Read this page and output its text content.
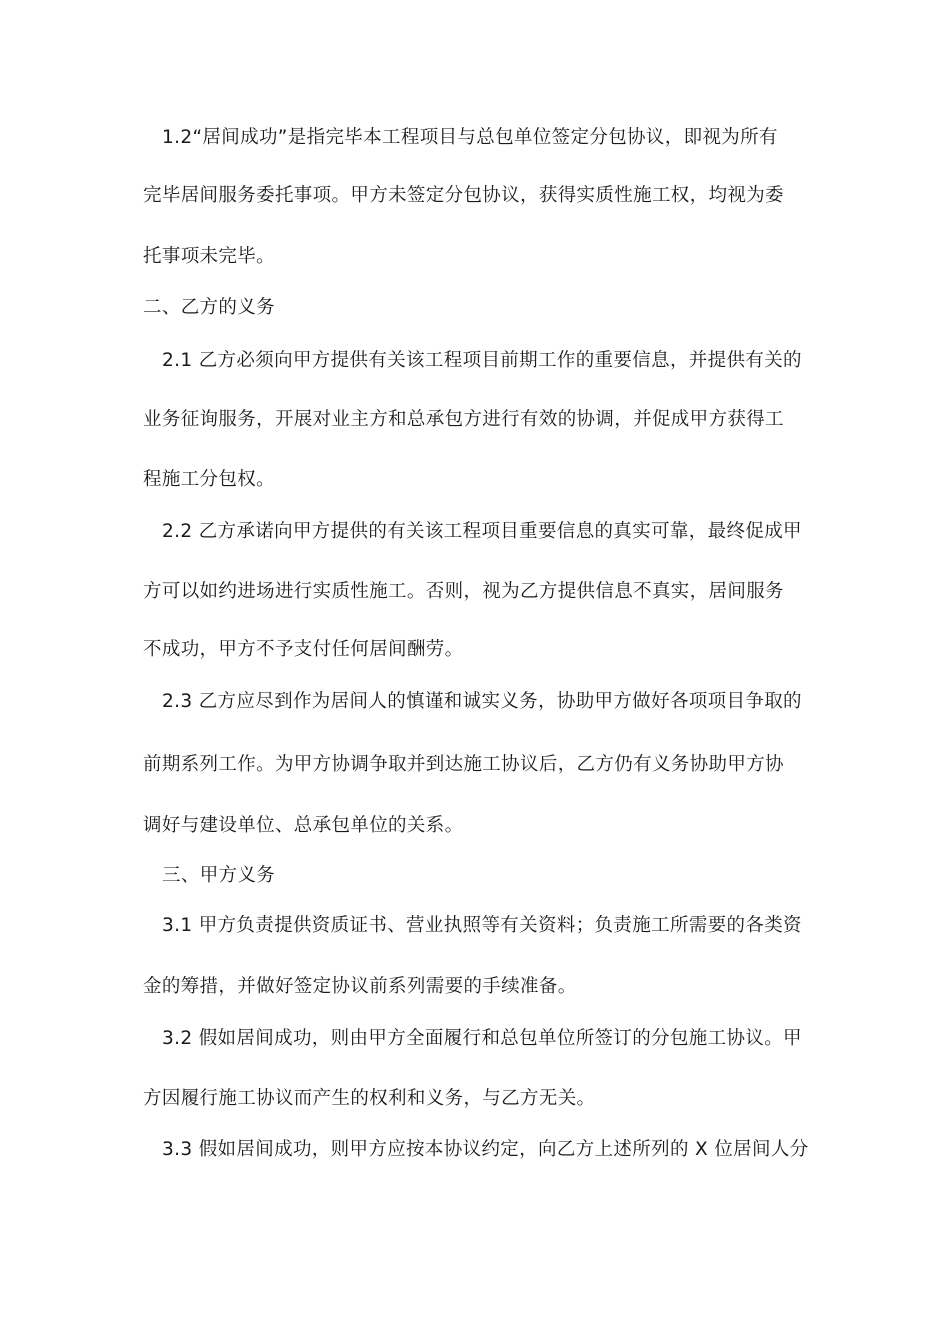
1.2“居间成功”是指完毕本工程项目与总包单位签定分包协议，即视为所有
完毕居间服务委托事项。甲方未签定分包协议，获得实质性施工权，均视为委
托事项未完毕。
二、乙方的义务
2.1 乙方必须向甲方提供有关该工程项目前期工作的重要信息，并提供有关的
业务征询服务，开展对业主方和总承包方进行有效的协调，并促成甲方获得工
程施工分包权。
2.2 乙方承诺向甲方提供的有关该工程项目重要信息的真实可靠，最终促成甲
方可以如约进场进行实质性施工。否则，视为乙方提供信息不真实，居间服务
不成功，甲方不予支付任何居间酬劳。
2.3 乙方应尽到作为居间人的慎谨和诚实义务，协助甲方做好各项项目争取的
前期系列工作。为甲方协调争取并到达施工协议后，乙方仍有义务协助甲方协
调好与建设单位、总承包单位的关系。
三、甲方义务
3.1 甲方负责提供资质证书、营业执照等有关资料；负责施工所需要的各类资
金的筹措，并做好签定协议前系列需要的手续准备。
3.2 假如居间成功，则由甲方全面履行和总包单位所签订的分包施工协议。甲
方因履行施工协议而产生的权利和义务，与乙方无关。
3.3 假如居间成功，则甲方应按本协议约定，向乙方上述所列的 X 位居间人分
